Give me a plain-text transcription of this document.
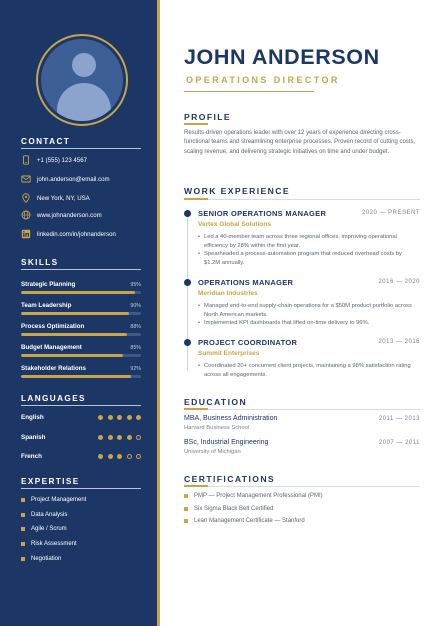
CONTACT
+1 (555) 123 4567
john.anderson@email.com
New York, NY, USA
www.johnanderson.com
linkedin.com/in/johnanderson
SKILLS
Strategic Planning	95%
Team Leadership	90%
Process Optimization	88%
Budget Management	85%
Stakeholder Relations	92%
LANGUAGES
English
Spanish
French
EXPERTISE
Project Management
Data Analysis
Agile / Scrum
Risk Assessment
Negotiation
JOHN ANDERSON
OPERATIONS DIRECTOR
PROFILE
Results-driven operations leader with over 12 years of experience directing cross-functional teams and streamlining enterprise processes. Proven record of cutting costs, scaling revenue, and delivering strategic initiatives on time and under budget.
WORK EXPERIENCE
SENIOR OPERATIONS MANAGER	2020 — PRESENT
Vertex Global Solutions
• Led a 40-member team across three regional offices, improving operational efficiency by 28% within the first year.
• Spearheaded a process-automation program that reduced overhead costs by $1.2M annually.
OPERATIONS MANAGER	2016 — 2020
Meridian Industries
• Managed end-to-end supply-chain operations for a $50M product portfolio across North American markets.
• Implemented KPI dashboards that lifted on-time delivery to 96%.
PROJECT COORDINATOR	2013 — 2016
Summit Enterprises
• Coordinated 20+ concurrent client projects, maintaining a 98% satisfaction rating across all engagements.
EDUCATION
MBA, Business Administration	2011 — 2013
Harvard Business School
BSc, Industrial Engineering	2007 — 2011
University of Michigan
CERTIFICATIONS
PMP — Project Management Professional (PMI)
Six Sigma Black Belt Certified
Lean Management Certificate — Stanford
